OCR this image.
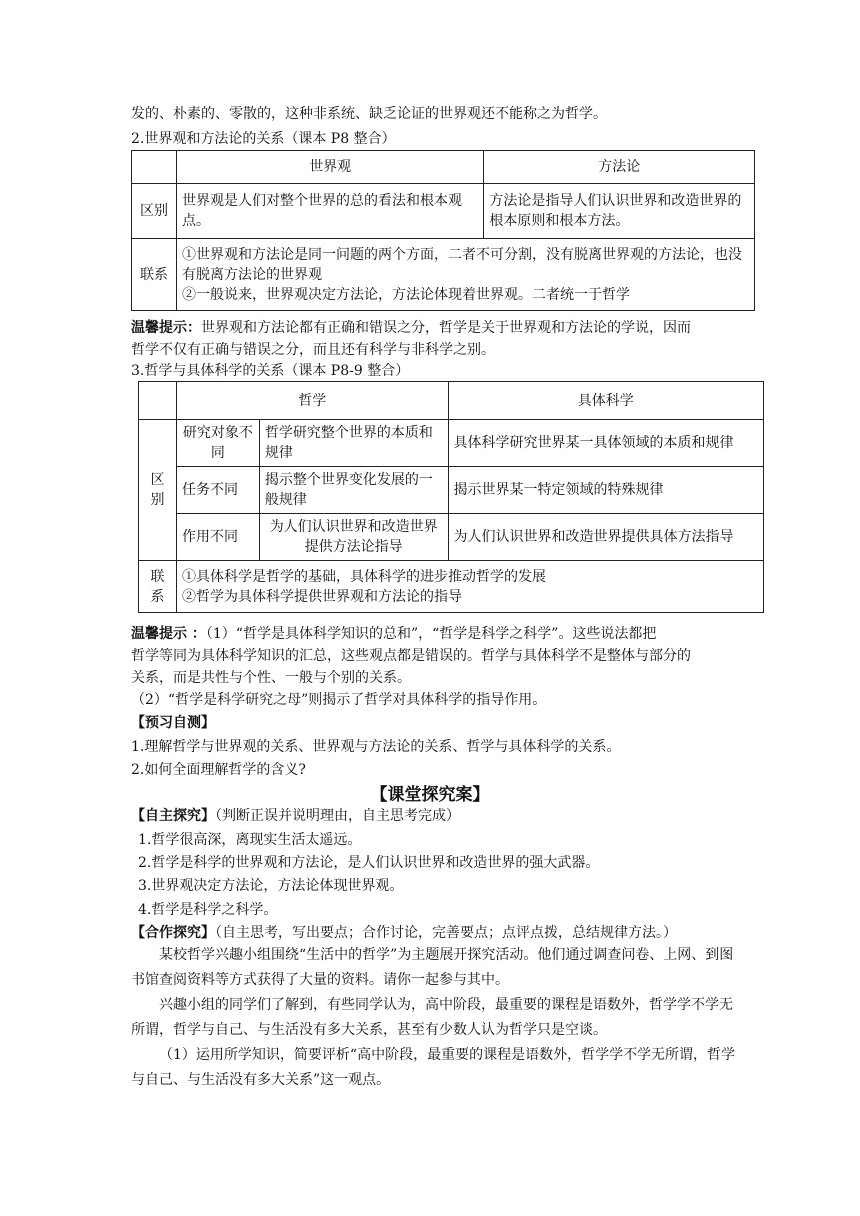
发的、朴素的、零散的，这种非系统、缺乏论证的世界观还不能称之为哲学。
2.世界观和方法论的关系（课本 P8 整合）
	世界观	方法论
区别	世界观是人们对整个世界的总的看法和根本观点。	方法论是指导人们认识世界和改造世界的根本原则和根本方法。
联系	①世界观和方法论是同一问题的两个方面，二者不可分割，没有脱离世界观的方法论，也没有脱离方法论的世界观
②一般说来，世界观决定方法论，方法论体现着世界观。二者统一于哲学	
温馨提示：世界观和方法论都有正确和错误之分，哲学是关于世界观和方法论的学说，因而
哲学不仅有正确与错误之分，而且还有科学与非科学之别。
3.哲学与具体科学的关系（课本 P8-9 整合）
	哲学		具体科学
区别	研究对象不同	哲学研究整个世界的本质和规律	具体科学研究世界某一具体领域的本质和规律
	任务不同	揭示整个世界变化发展的一般规律	揭示世界某一特定领域的特殊规律
	作用不同	为人们认识世界和改造世界提供方法论指导	为人们认识世界和改造世界提供具体方法指导
联系	①具体科学是哲学的基础，具体科学的进步推动哲学的发展
②哲学为具体科学提供世界观和方法论的指导		
温馨提示 ：（1）“哲学是具体科学知识的总和”，“哲学是科学之科学”。这些说法都把
哲学等同为具体科学知识的汇总，这些观点都是错误的。哲学与具体科学不是整体与部分的
关系，而是共性与个性、一般与个别的关系。
（2）“哲学是科学研究之母”则揭示了哲学对具体科学的指导作用。
【预习自测】
1.理解哲学与世界观的关系、世界观与方法论的关系、哲学与具体科学的关系。
2.如何全面理解哲学的含义?
【课堂探究案】
【自主探究】（判断正误并说明理由，自主思考完成）
1.哲学很高深，离现实生活太遥远。
2.哲学是科学的世界观和方法论，是人们认识世界和改造世界的强大武器。
3.世界观决定方法论，方法论体现世界观。
4.哲学是科学之科学。
【合作探究】（自主思考，写出要点；合作讨论，完善要点；点评点拨，总结规律方法。）
某校哲学兴趣小组围绕“生活中的哲学”为主题展开探究活动。他们通过调查问卷、上网、到图书馆查阅资料等方式获得了大量的资料。请你一起参与其中。
兴趣小组的同学们了解到，有些同学认为，高中阶段，最重要的课程是语数外，哲学学不学无所谓，哲学与自己、与生活没有多大关系，甚至有少数人认为哲学只是空谈。
（1）运用所学知识，简要评析“高中阶段，最重要的课程是语数外，哲学学不学无所谓，哲学与自己、与生活没有多大关系”这一观点。
